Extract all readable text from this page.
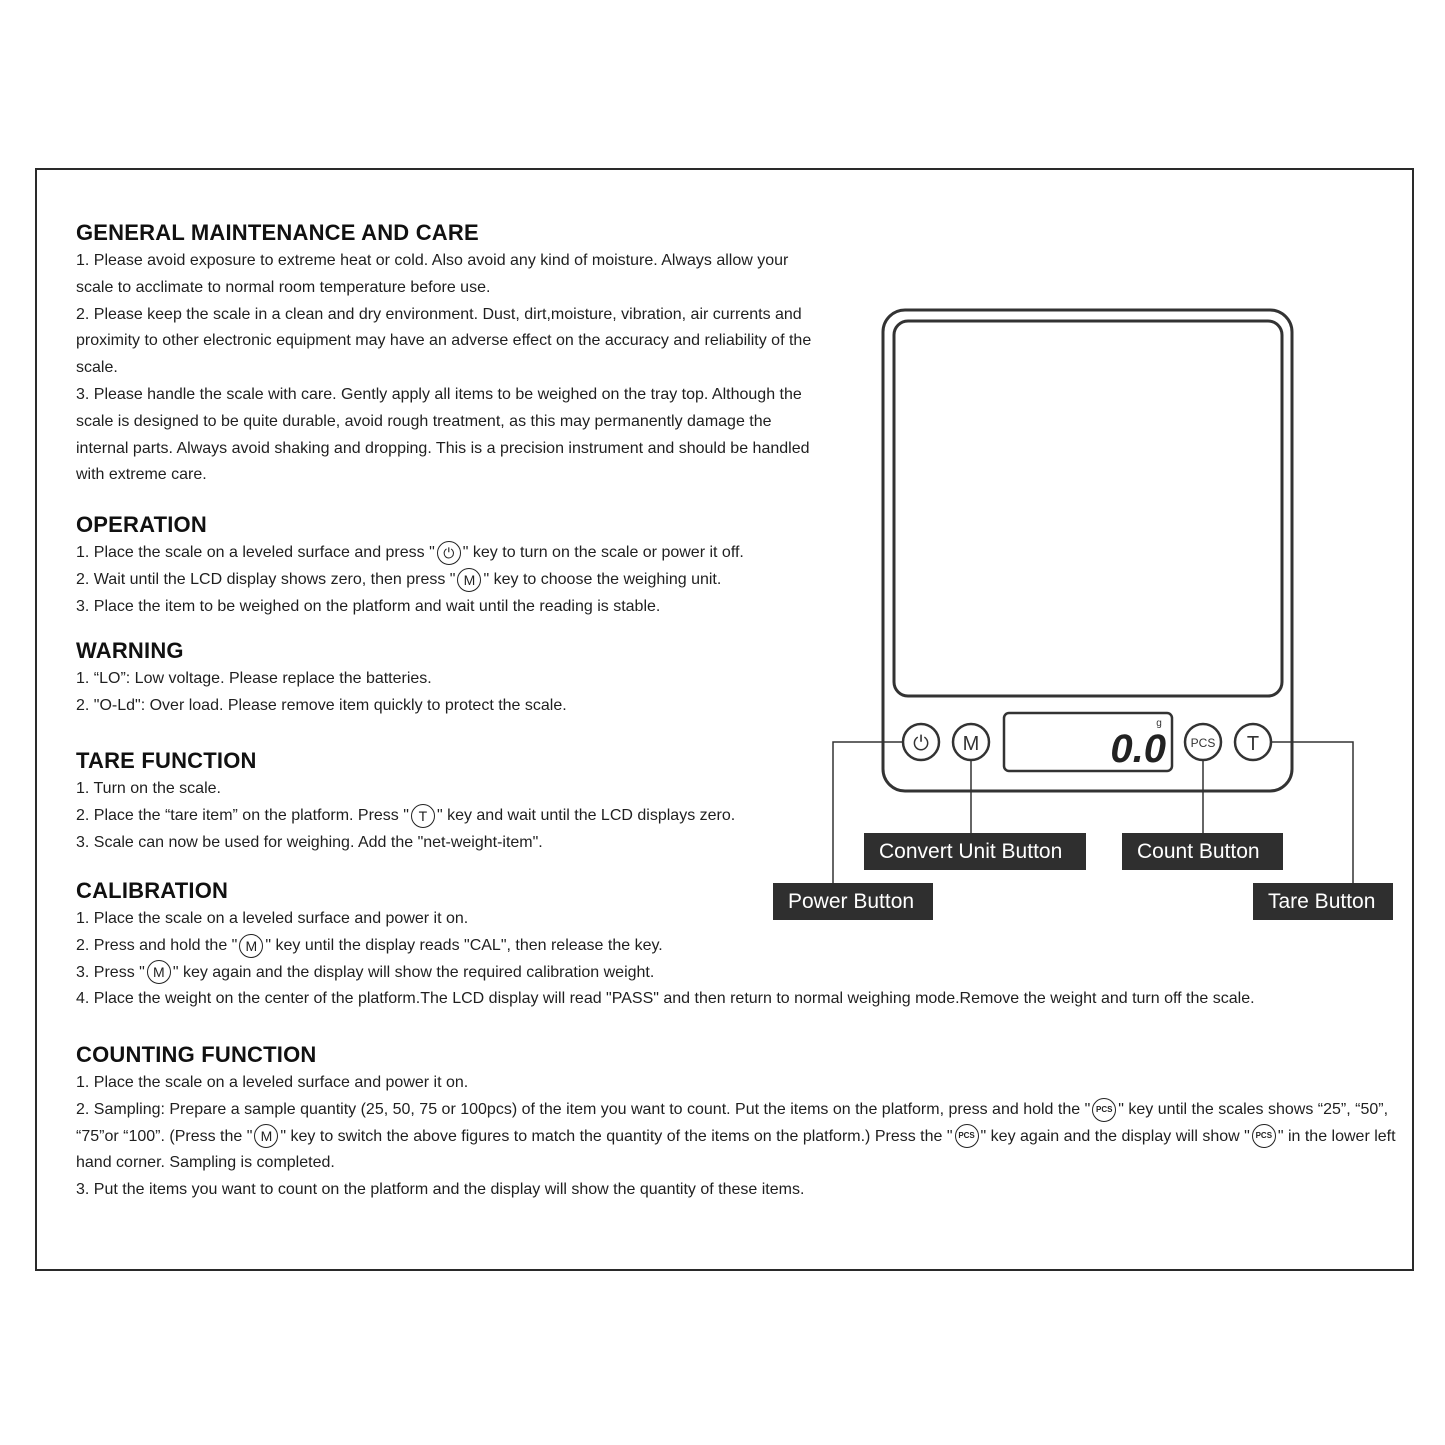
GENERAL MAINTENANCE AND CARE

1. Please avoid exposure to extreme heat or cold. Also avoid any kind of moisture. Always allow your

scale to acclimate to normal room temperature before use.

2. Please keep the scale in a clean and dry environment. Dust, dirt,moisture, vibration, air currents and

proximity to other electronic equipment may have an adverse effect on the accuracy and reliability of the

scale.

3. Please handle the scale with care. Gently apply all items to be weighed on the tray top. Although the

scale is designed to be quite durable, avoid rough treatment, as this may permanently damage the

internal parts. Always avoid shaking and dropping. This is a precision instrument and should be handled

with extreme care.

OPERATION

1. Place the scale on a leveled surface and press " ⏻ " key to turn on the scale or power it off.

2. Wait until the LCD display shows zero, then press " M " key to choose the weighing unit.

3. Place the item to be weighed on the platform and wait until the reading is stable.

WARNING

1. “LO”: Low voltage. Please replace the batteries.

2. "O-Ld": Over load. Please remove item quickly to protect the scale.

TARE FUNCTION

1. Turn on the scale.

2. Place the “tare item” on the platform. Press " T " key and wait until the LCD displays zero.

3. Scale can now be used for weighing. Add the "net-weight-item".

CALIBRATION

1. Place the scale on a leveled surface and power it on.

2. Press and hold the " M " key until the display reads "CAL", then release the key.

3. Press " M " key again and the display will show the required calibration weight.

4. Place the weight on the center of the platform.The LCD display will read "PASS" and then return to normal weighing mode.Remove the weight and turn off the scale.

COUNTING FUNCTION

1. Place the scale on a leveled surface and power it on.

2. Sampling: Prepare a sample quantity (25, 50, 75 or 100pcs) of the item you want to count. Put the items on the platform, press and hold the " PCS " key until the scales shows “25”, “50”, “75”or “100”. (Press the " M " key to switch the above figures to match the quantity of the items on the platform.) Press the " PCS " key again and the display will show " PCS " in the lower left hand corner. Sampling is completed.

3. Put the items you want to count on the platform and the display will show the quantity of these items.

0.0
g
⏻ M	PCS T
Convert Unit Button	Count Button
Power Button	Tare Button
